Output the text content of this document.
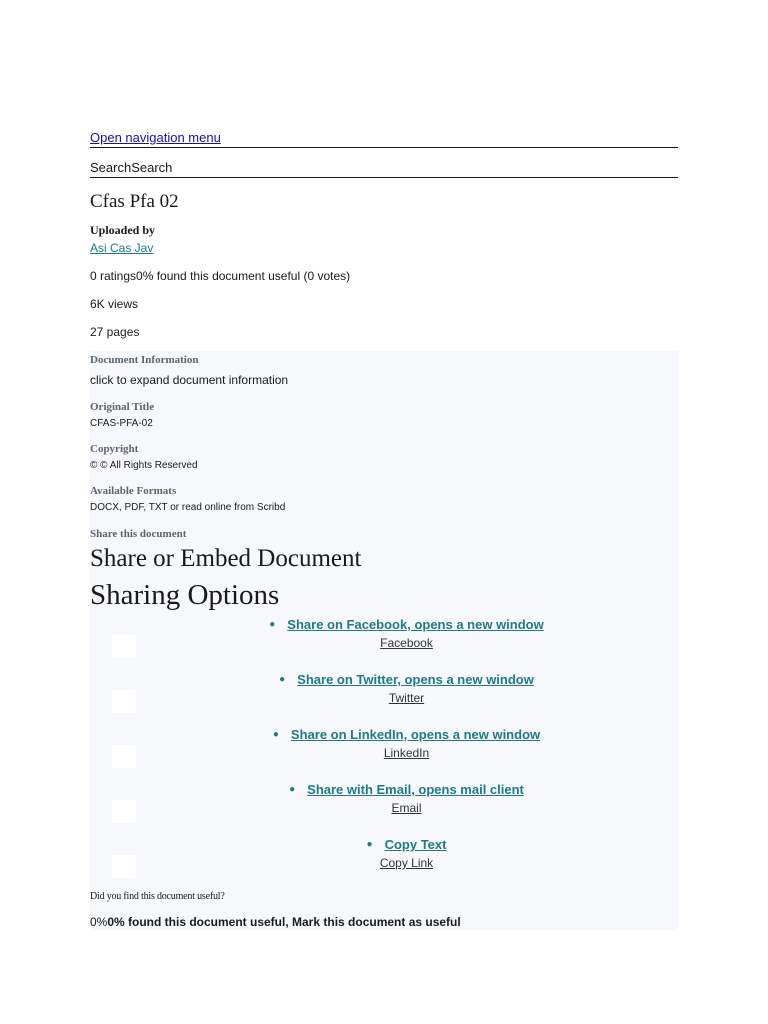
Open navigation menu
SearchSearch
Cfas Pfa 02
Uploaded by
Asi Cas Jav
0 ratings0% found this document useful (0 votes)
6K views
27 pages
Document Information
click to expand document information
Original Title
CFAS-PFA-02
Copyright
© © All Rights Reserved
Available Formats
DOCX, PDF, TXT or read online from Scribd
Share this document
Share or Embed Document
Sharing Options
● Share on Facebook, opens a new window
Facebook
● Share on Twitter, opens a new window
Twitter
● Share on LinkedIn, opens a new window
LinkedIn
● Share with Email, opens mail client
Email
● Copy Text
Copy Link
Did you find this document useful?
0%0% found this document useful, Mark this document as useful
